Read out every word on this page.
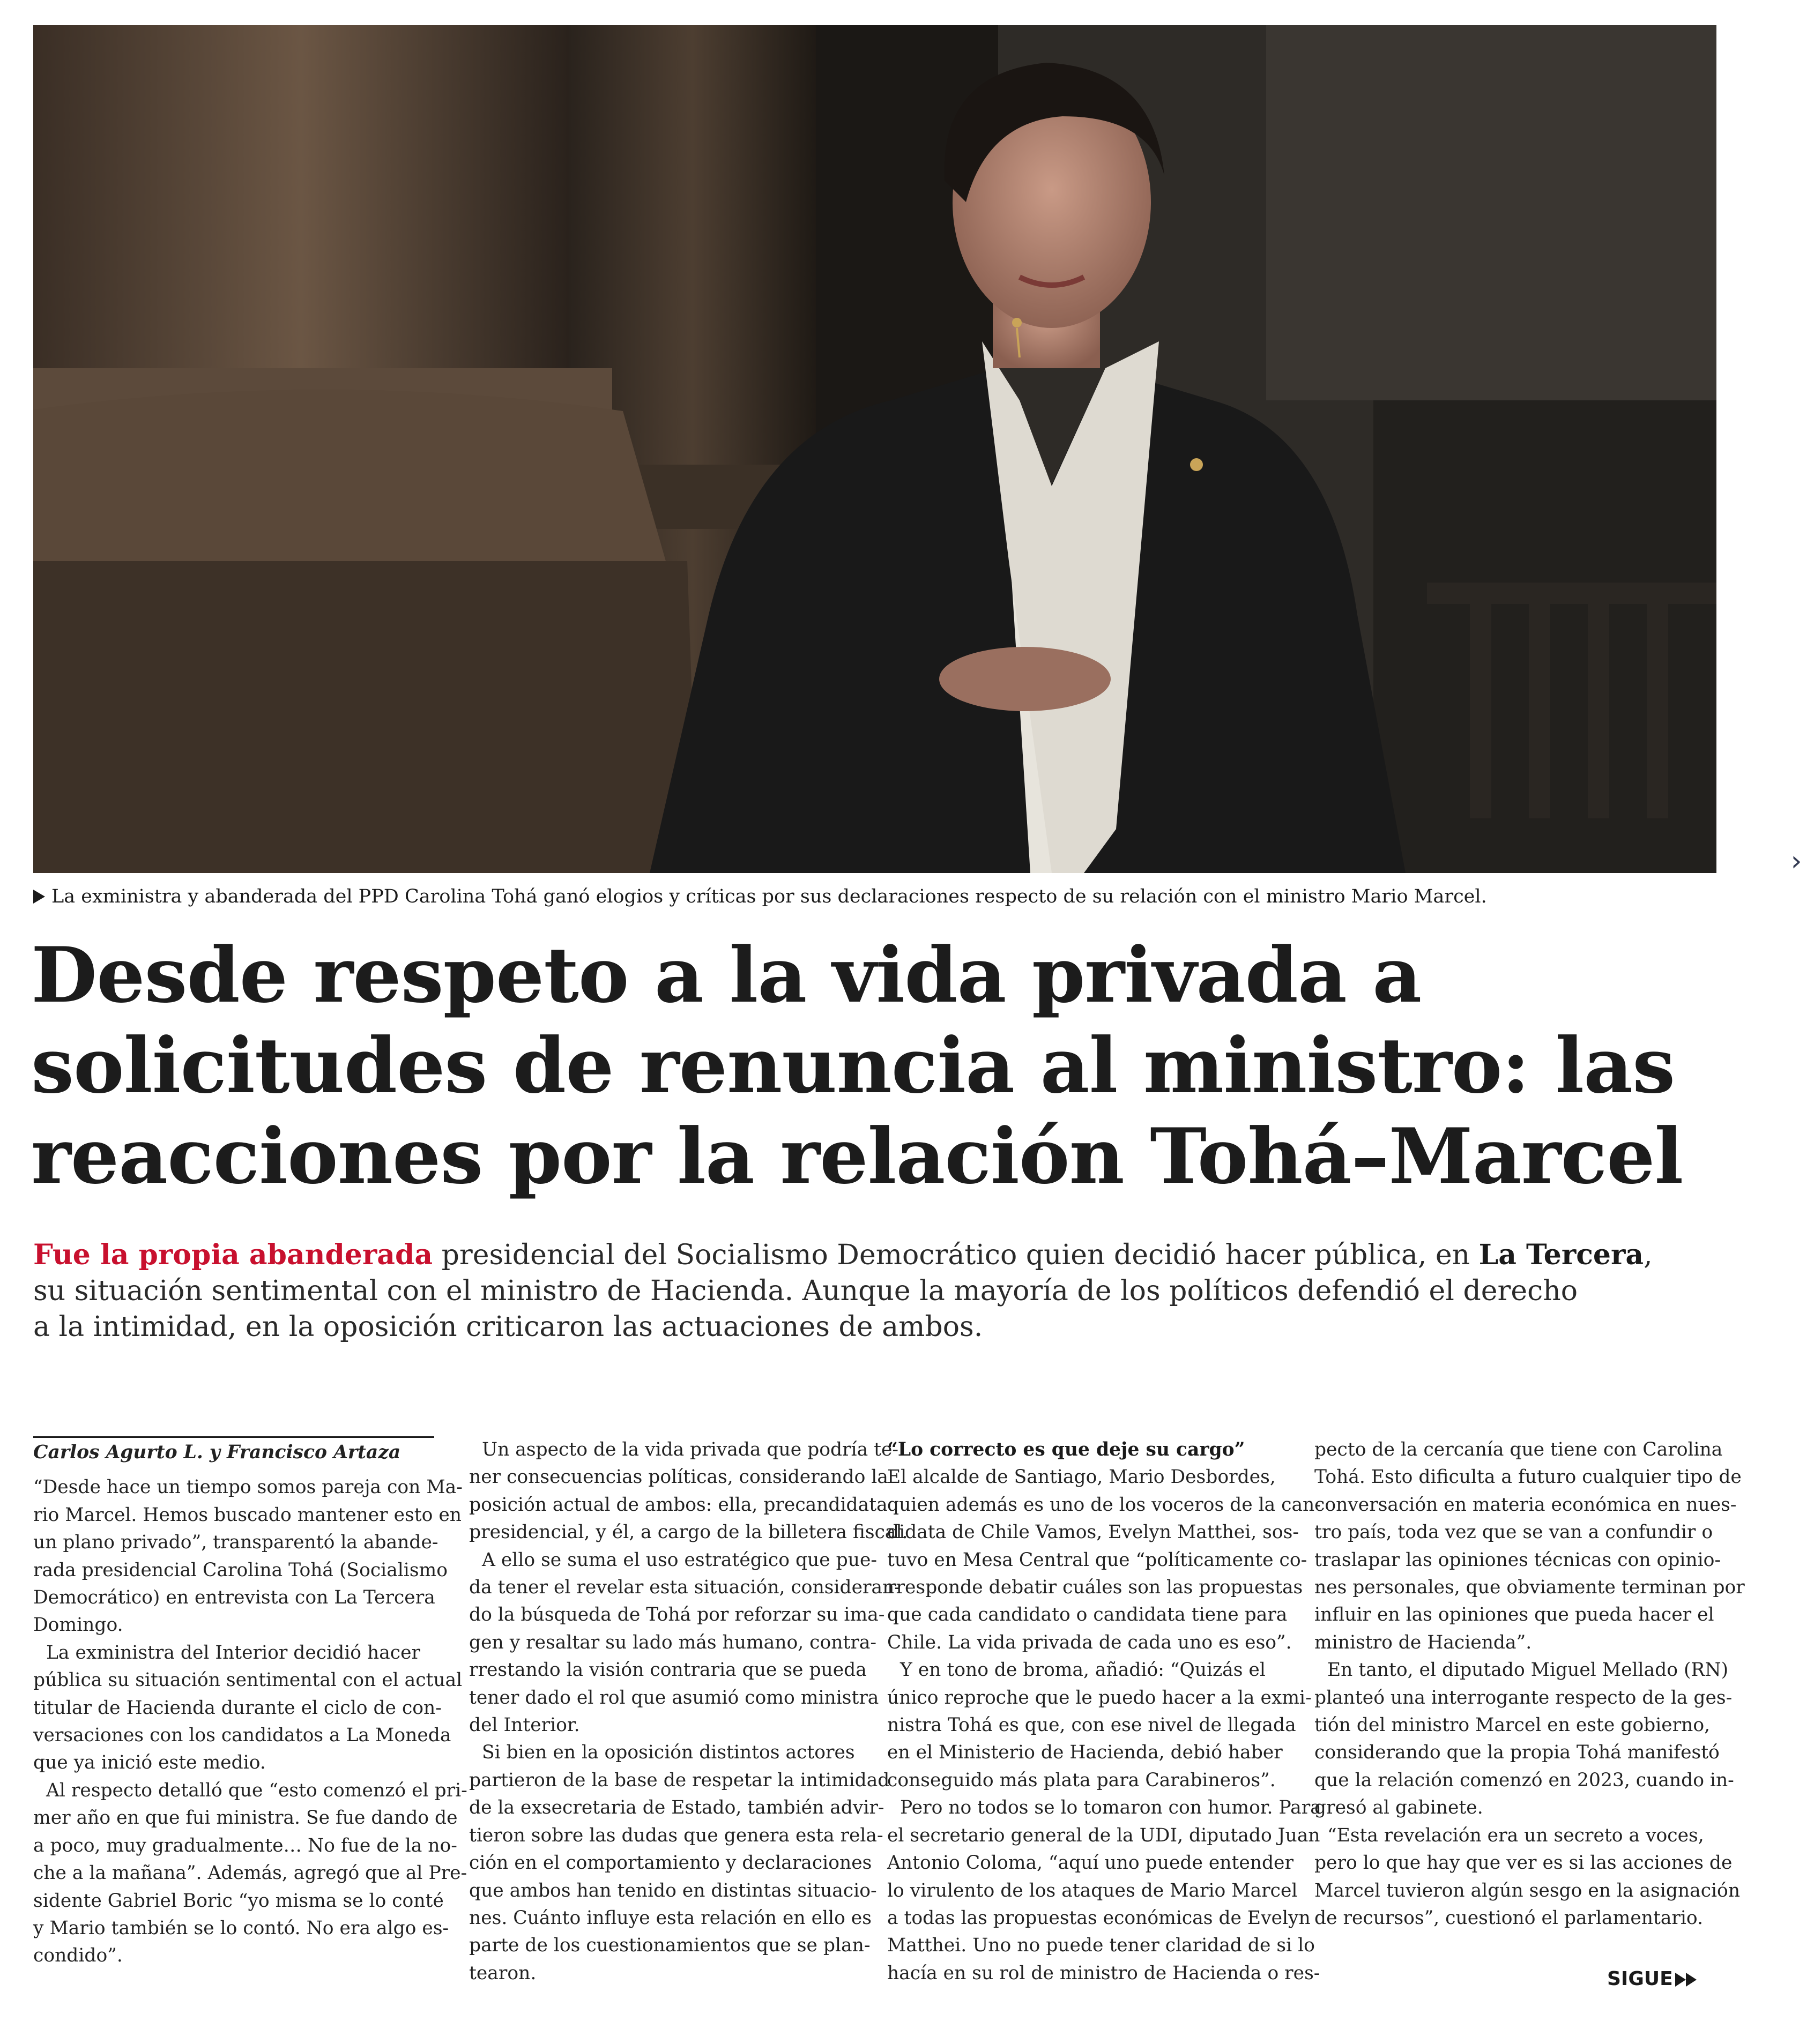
›
La exministra y abanderada del PPD Carolina Tohá ganó elogios y críticas por sus declaraciones respecto de su relación con el ministro Mario Marcel.
Desde respeto a la vida privada a
solicitudes de renuncia al ministro: las
reacciones por la relación Tohá–Marcel
Fue la propia abanderada presidencial del Socialismo Democrático quien decidió hacer pública, en La Tercera,
su situación sentimental con el ministro de Hacienda. Aunque la mayoría de los políticos defendió el derecho
a la intimidad, en la oposición criticaron las actuaciones de ambos.
Carlos Agurto L. y Francisco Artaza
“Desde hace un tiempo somos pareja con Ma-
rio Marcel. Hemos buscado mantener esto en
un plano privado”, transparentó la abande-
rada presidencial Carolina Tohá (Socialismo
Democrático) en entrevista con La Tercera
Domingo.
La exministra del Interior decidió hacer
pública su situación sentimental con el actual
titular de Hacienda durante el ciclo de con-
versaciones con los candidatos a La Moneda
que ya inició este medio.
Al respecto detalló que “esto comenzó el pri-
mer año en que fui ministra. Se fue dando de
a poco, muy gradualmente… No fue de la no-
che a la mañana”. Además, agregó que al Pre-
sidente Gabriel Boric “yo misma se lo conté
y Mario también se lo contó. No era algo es-
condido”.
Un aspecto de la vida privada que podría te-
ner consecuencias políticas, considerando la
posición actual de ambos: ella, precandidata
presidencial, y él, a cargo de la billetera fiscal.
A ello se suma el uso estratégico que pue-
da tener el revelar esta situación, consideran-
do la búsqueda de Tohá por reforzar su ima-
gen y resaltar su lado más humano, contra-
rrestando la visión contraria que se pueda
tener dado el rol que asumió como ministra
del Interior.
Si bien en la oposición distintos actores
partieron de la base de respetar la intimidad
de la exsecretaria de Estado, también advir-
tieron sobre las dudas que genera esta rela-
ción en el comportamiento y declaraciones
que ambos han tenido en distintas situacio-
nes. Cuánto influye esta relación en ello es
parte de los cuestionamientos que se plan-
tearon.
“Lo correcto es que deje su cargo”
El alcalde de Santiago, Mario Desbordes,
quien además es uno de los voceros de la can-
didata de Chile Vamos, Evelyn Matthei, sos-
tuvo en Mesa Central que “políticamente co-
rresponde debatir cuáles son las propuestas
que cada candidato o candidata tiene para
Chile. La vida privada de cada uno es eso”.
Y en tono de broma, añadió: “Quizás el
único reproche que le puedo hacer a la exmi-
nistra Tohá es que, con ese nivel de llegada
en el Ministerio de Hacienda, debió haber
conseguido más plata para Carabineros”.
Pero no todos se lo tomaron con humor. Para
el secretario general de la UDI, diputado Juan
Antonio Coloma, “aquí uno puede entender
lo virulento de los ataques de Mario Marcel
a todas las propuestas económicas de Evelyn
Matthei. Uno no puede tener claridad de si lo
hacía en su rol de ministro de Hacienda o res-
pecto de la cercanía que tiene con Carolina
Tohá. Esto dificulta a futuro cualquier tipo de
conversación en materia económica en nues-
tro país, toda vez que se van a confundir o
traslapar las opiniones técnicas con opinio-
nes personales, que obviamente terminan por
influir en las opiniones que pueda hacer el
ministro de Hacienda”.
En tanto, el diputado Miguel Mellado (RN)
planteó una interrogante respecto de la ges-
tión del ministro Marcel en este gobierno,
considerando que la propia Tohá manifestó
que la relación comenzó en 2023, cuando in-
gresó al gabinete.
“Esta revelación era un secreto a voces,
pero lo que hay que ver es si las acciones de
Marcel tuvieron algún sesgo en la asignación
de recursos”, cuestionó el parlamentario.
SIGUE
